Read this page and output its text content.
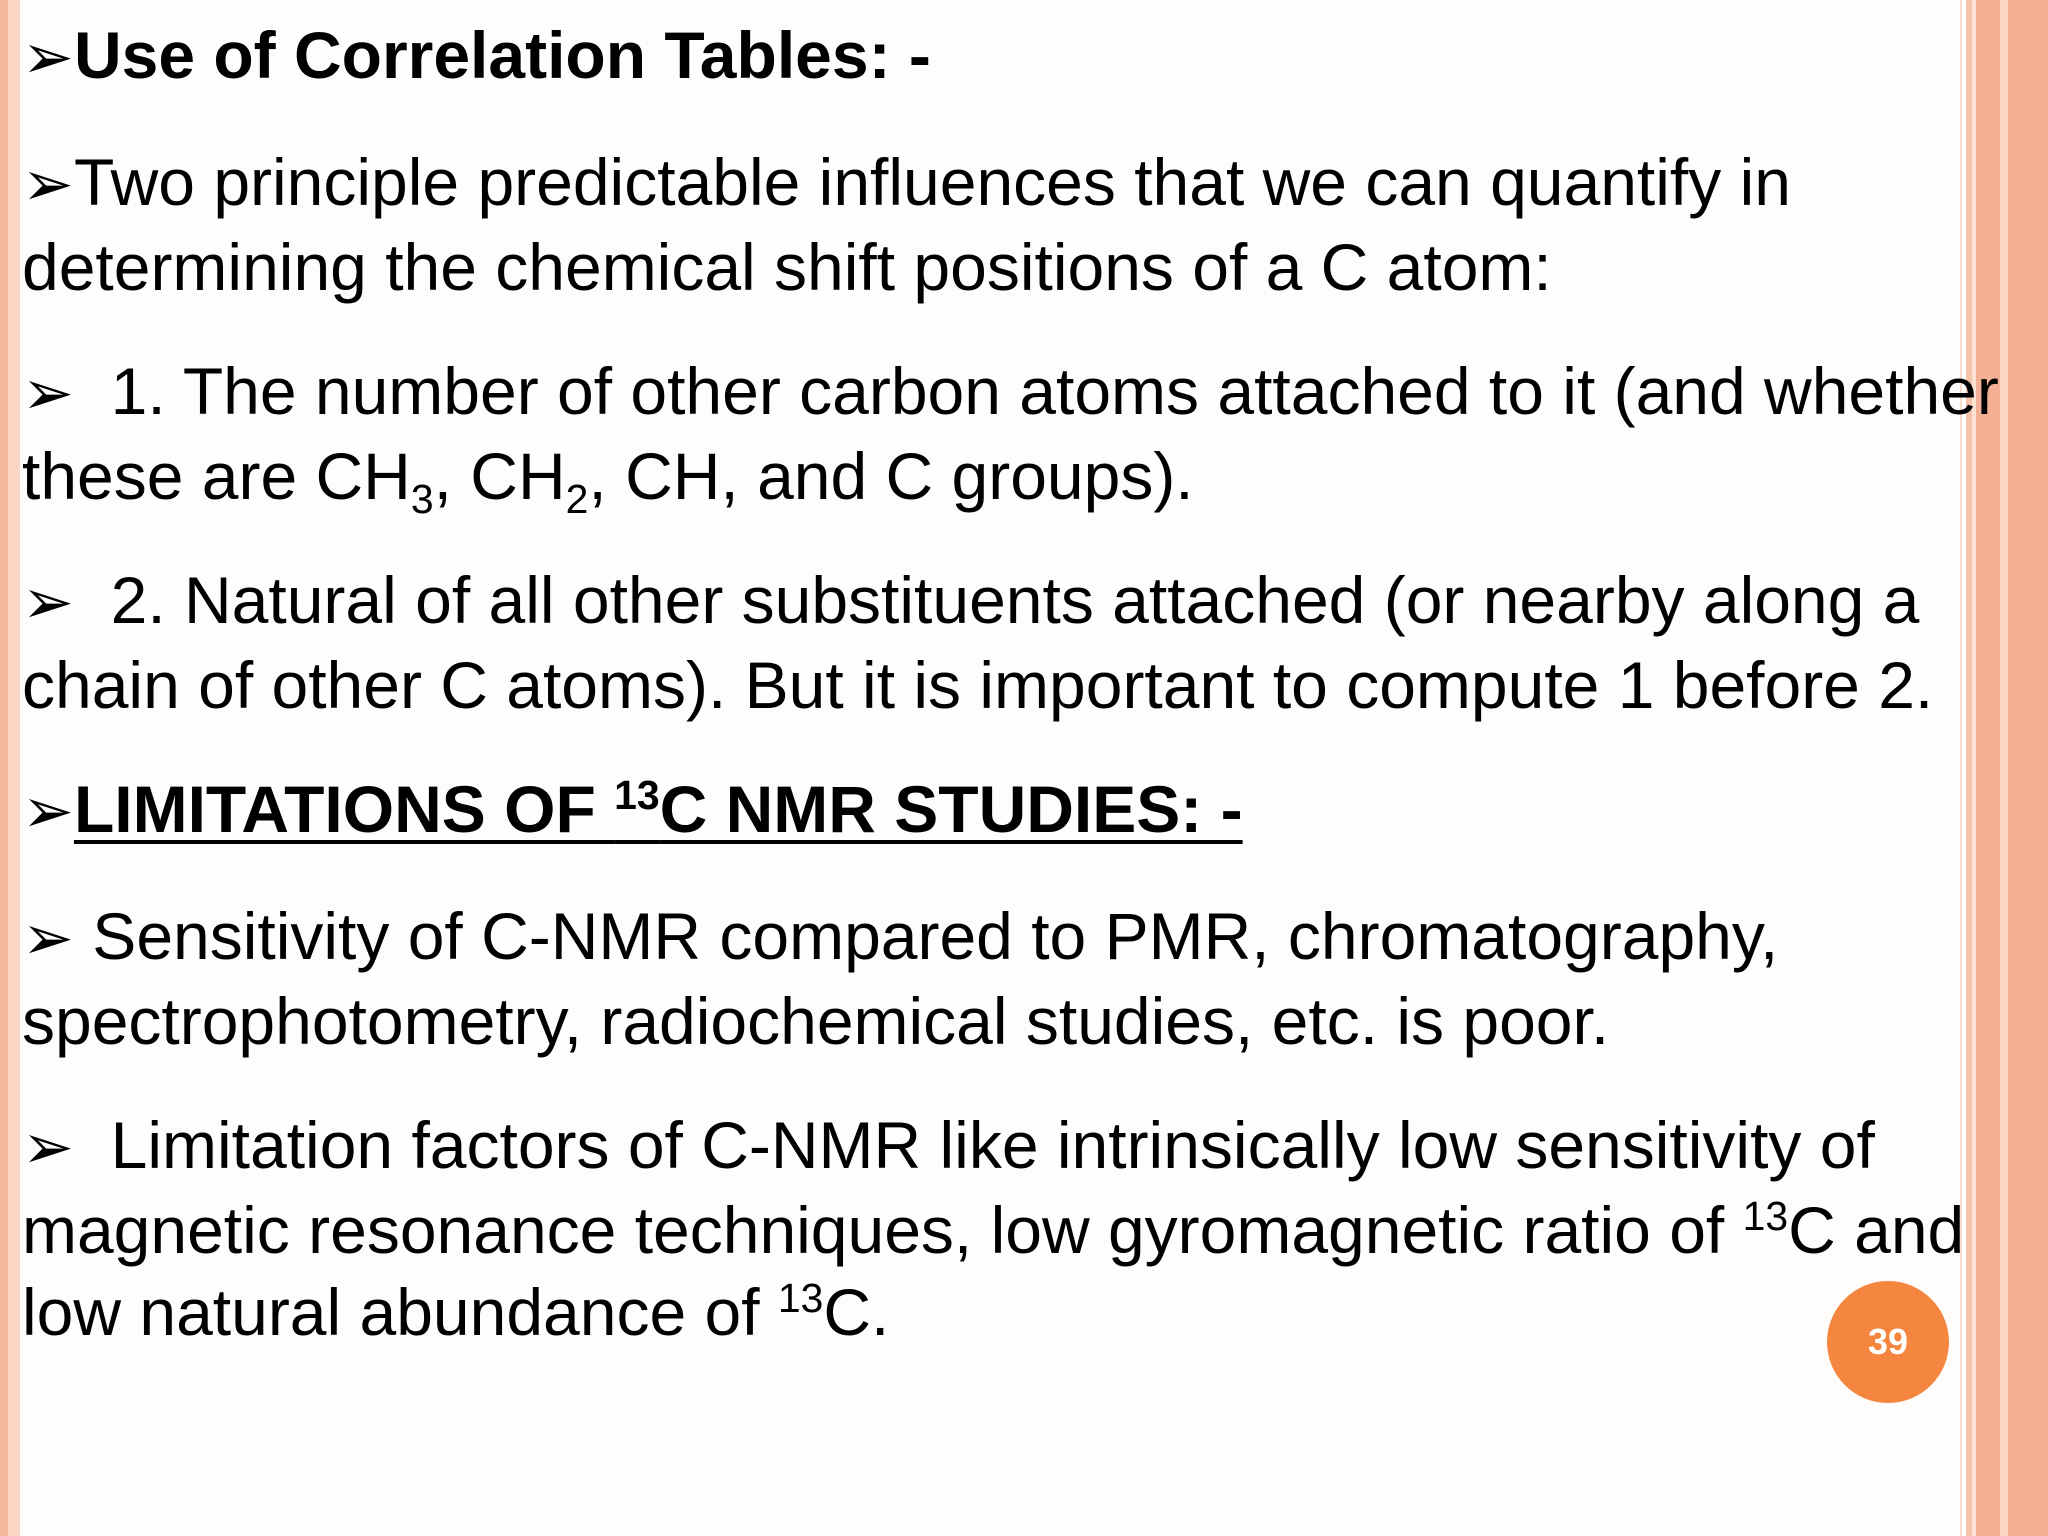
➢Use of Correlation Tables: -

➢Two principle predictable influences that we can quantify in determining the chemical shift positions of a C atom:

➢ 1. The number of other carbon atoms attached to it (and whether these are $CH_3$, $CH_2$, CH, and C groups).

➢ 2. Natural of all other substituents attached (or nearby along a chain of other C atoms). But it is important to compute 1 before 2.

➢LIMITATIONS OF $^{13}$C NMR STUDIES: -

➢ Sensitivity of C-NMR compared to PMR, chromatography, spectrophotometry, radiochemical studies, etc. is poor.

➢ Limitation factors of C-NMR like intrinsically low sensitivity of magnetic resonance techniques, low gyromagnetic ratio of $^{13}$C and low natural abundance of $^{13}$C.	39
